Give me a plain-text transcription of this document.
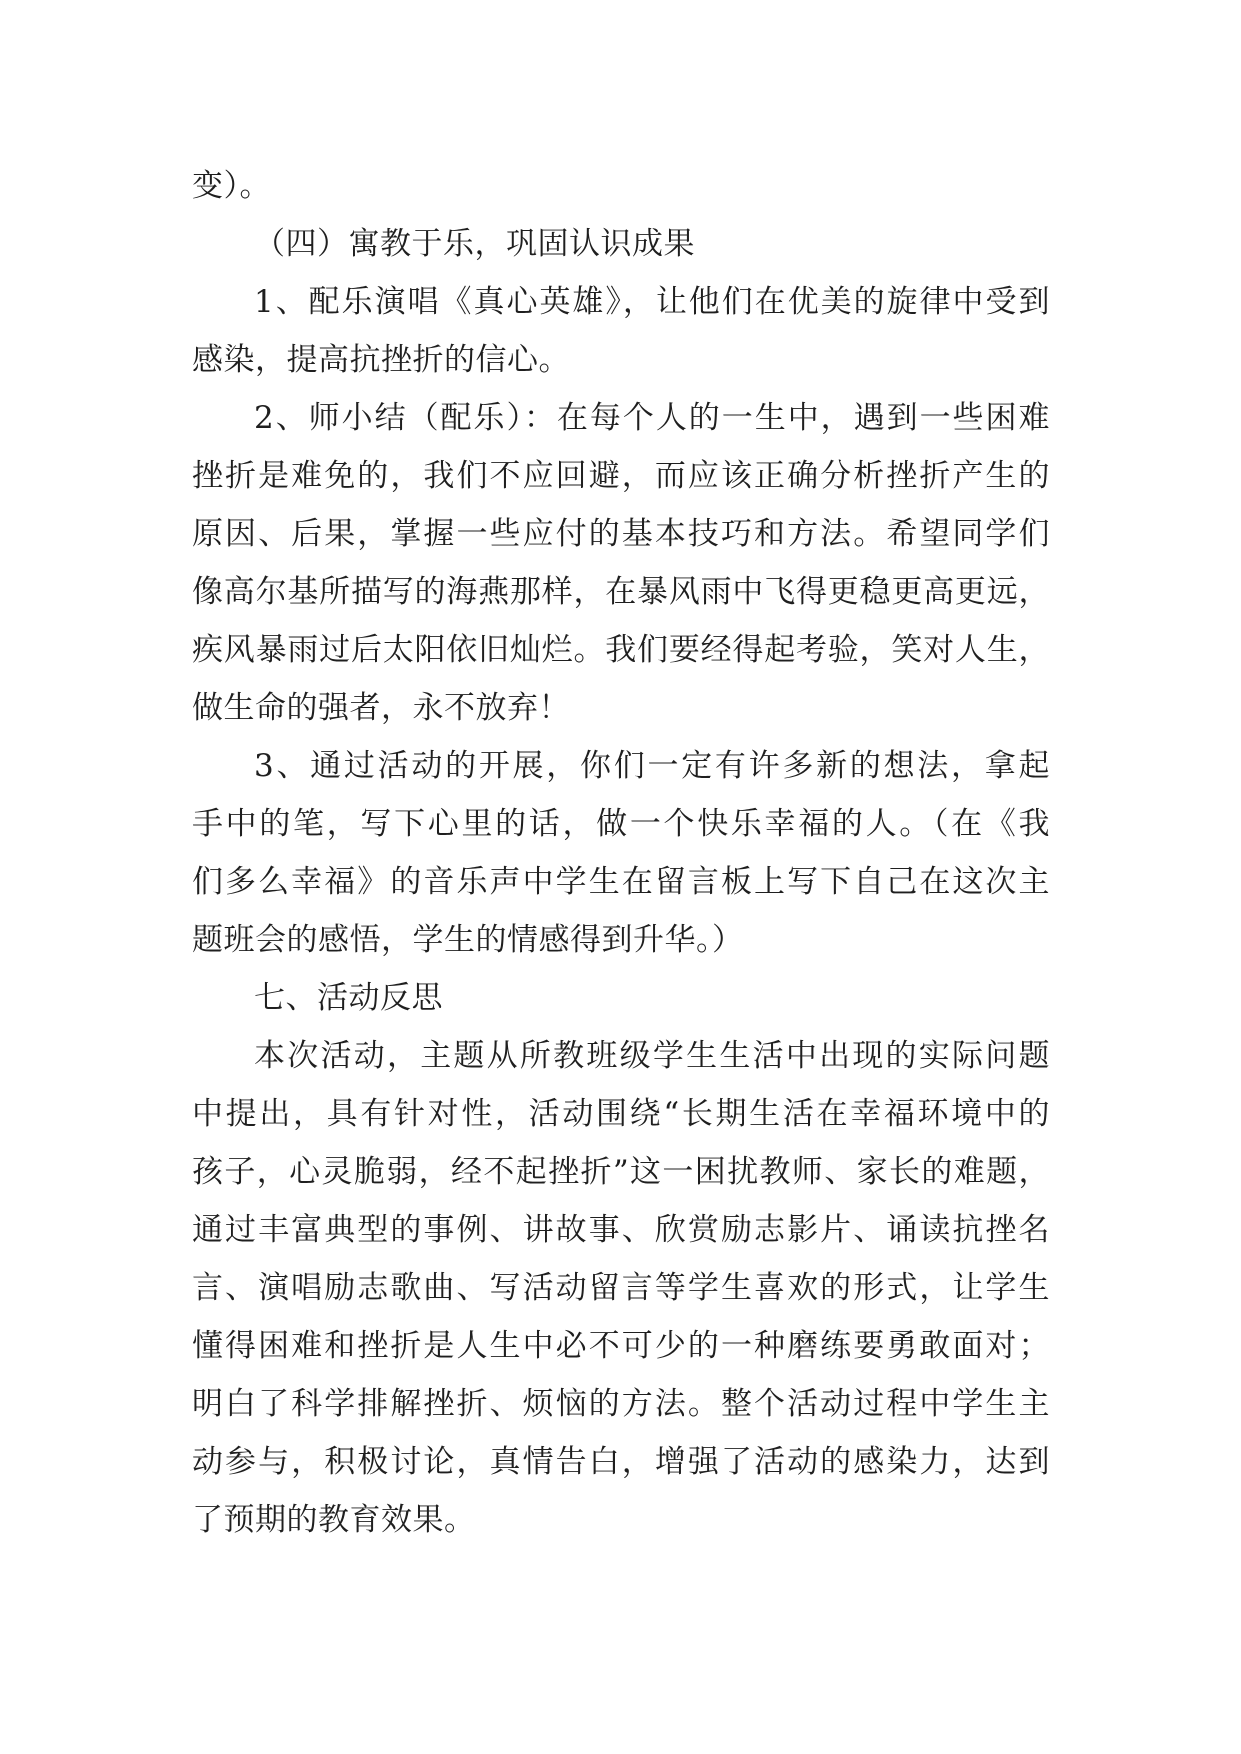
变）。
（四）寓教于乐，巩固认识成果
1、配乐演唱《真心英雄》，让他们在优美的旋律中受到
感染，提高抗挫折的信心。
2、师小结（配乐）：在每个人的一生中，遇到一些困难
挫折是难免的，我们不应回避，而应该正确分析挫折产生的
原因、后果，掌握一些应付的基本技巧和方法。希望同学们
像高尔基所描写的海燕那样，在暴风雨中飞得更稳更高更远，
疾风暴雨过后太阳依旧灿烂。我们要经得起考验，笑对人生，
做生命的强者，永不放弃！
3、通过活动的开展，你们一定有许多新的想法，拿起
手中的笔，写下心里的话，做一个快乐幸福的人。（在《我
们多么幸福》的音乐声中学生在留言板上写下自己在这次主
题班会的感悟，学生的情感得到升华。）
七、活动反思
本次活动，主题从所教班级学生生活中出现的实际问题
中提出，具有针对性，活动围绕“长期生活在幸福环境中的
孩子，心灵脆弱，经不起挫折”这一困扰教师、家长的难题，
通过丰富典型的事例、讲故事、欣赏励志影片、诵读抗挫名
言、演唱励志歌曲、写活动留言等学生喜欢的形式，让学生
懂得困难和挫折是人生中必不可少的一种磨练要勇敢面对；
明白了科学排解挫折、烦恼的方法。整个活动过程中学生主
动参与，积极讨论，真情告白，增强了活动的感染力，达到
了预期的教育效果。
